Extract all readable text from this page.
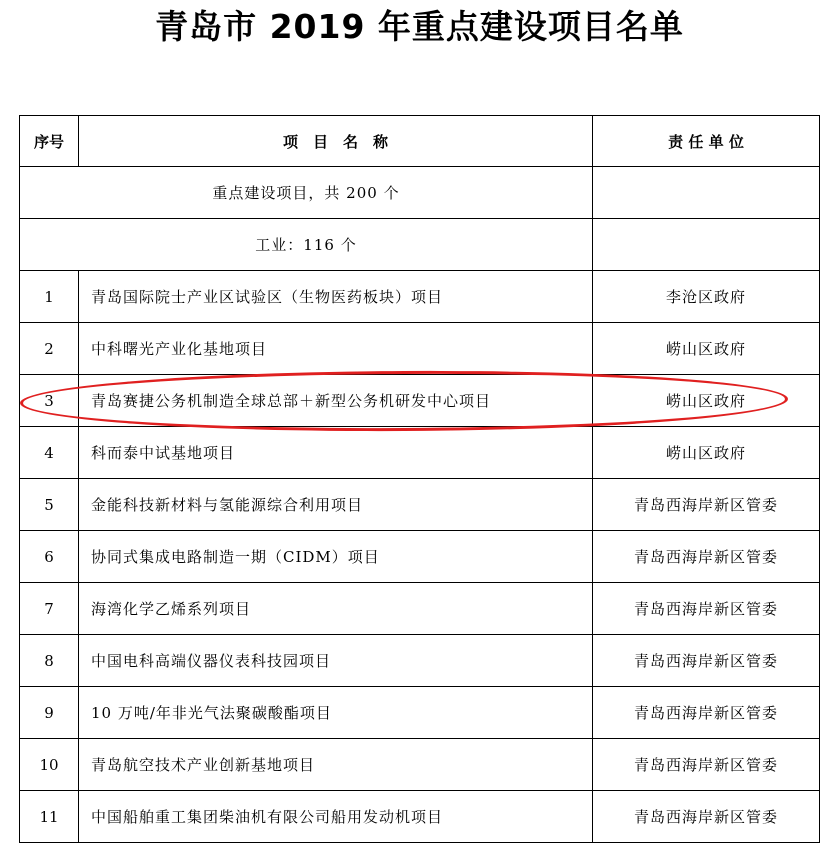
青岛市 2019 年重点建设项目名单
序号	项　目　名　称	责 任 单 位
重点建设项目，共 200 个		
工业：116 个		
1	青岛国际院士产业区试验区（生物医药板块）项目	李沧区政府
2	中科曙光产业化基地项目	崂山区政府
3	青岛赛捷公务机制造全球总部＋新型公务机研发中心项目	崂山区政府
4	科而泰中试基地项目	崂山区政府
5	金能科技新材料与氢能源综合利用项目	青岛西海岸新区管委
6	协同式集成电路制造一期（CIDM）项目	青岛西海岸新区管委
7	海湾化学乙烯系列项目	青岛西海岸新区管委
8	中国电科高端仪器仪表科技园项目	青岛西海岸新区管委
9	10 万吨/年非光气法聚碳酸酯项目	青岛西海岸新区管委
10	青岛航空技术产业创新基地项目	青岛西海岸新区管委
11	中国船舶重工集团柴油机有限公司船用发动机项目	青岛西海岸新区管委
